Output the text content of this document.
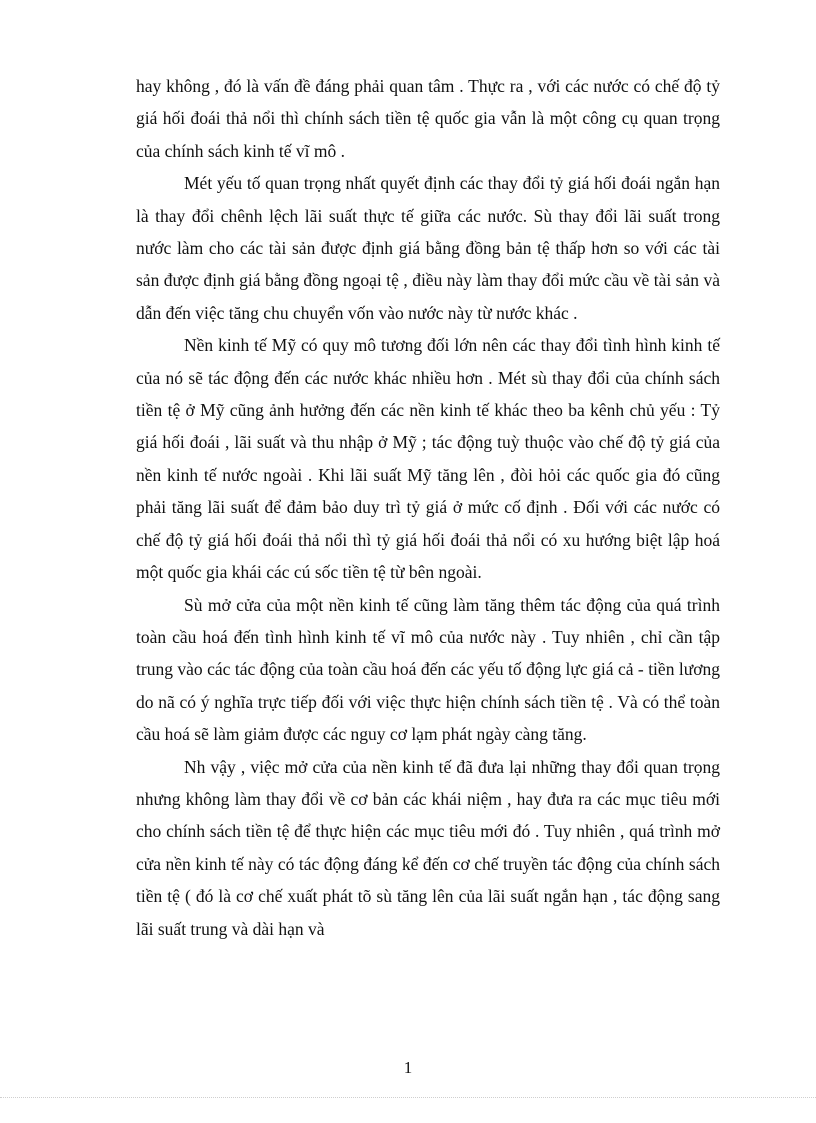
hay không , đó là vấn đề đáng phải quan tâm . Thực ra , với các nước có chế độ tỷ giá hối đoái thả nổi thì chính sách tiền tệ quốc gia vẫn là một công cụ quan trọng của chính sách kinh tế vĩ mô .

Mét yếu tố quan trọng nhất quyết định các thay đổi tỷ giá hối đoái ngắn hạn là thay đổi chênh lệch lãi suất thực tế giữa các nước. Sù thay đổi lãi suất trong nước làm cho các tài sản được định giá bằng đồng bản tệ thấp hơn so với các tài sản được định giá bằng đồng ngoại tệ , điều này làm thay đổi mức cầu về tài sản và dẫn đến việc tăng chu chuyển vốn vào nước này từ nước khác .

Nền kinh tế Mỹ có quy mô tương đối lớn nên các thay đổi tình hình kinh tế của nó sẽ tác động đến các nước khác nhiều hơn . Mét sù thay đổi của chính sách tiền tệ ở Mỹ cũng ảnh hưởng đến các nền kinh tế khác theo ba kênh chủ yếu : Tỷ giá hối đoái , lãi suất và thu nhập ở Mỹ ; tác động tuỳ thuộc vào chế độ tỷ giá của nền kinh tế nước ngoài . Khi lãi suất Mỹ tăng lên , đòi hỏi các quốc gia đó cũng phải tăng lãi suất để đảm bảo duy trì tỷ giá ở mức cố định . Đối với các nước có chế độ tỷ giá hối đoái thả nổi thì tỷ giá hối đoái thả nổi có xu hướng biệt lập hoá một quốc gia khái các cú sốc tiền tệ từ bên ngoài.

Sù mở cửa của một nền kinh tế cũng làm tăng thêm tác động của quá trình toàn cầu hoá đến tình hình kinh tế vĩ mô của nước này . Tuy nhiên , chỉ cần tập trung vào các tác động của toàn cầu hoá đến các yếu tố động lực giá cả - tiền lương do nã có ý nghĩa trực tiếp đối với việc thực hiện chính sách tiền tệ . Và có thể toàn cầu hoá sẽ làm giảm được các nguy cơ lạm phát ngày càng tăng.

Nh vậy , việc mở cửa của nền kinh tế đã đưa lại những thay đổi quan trọng nhưng không làm thay đổi về cơ bản các khái niệm , hay đưa ra các mục tiêu mới cho chính sách tiền tệ để thực hiện các mục tiêu mới đó . Tuy nhiên , quá trình mở cửa nền kinh tế này có tác động đáng kể đến cơ chế truyền tác động của chính sách tiền tệ ( đó là cơ chế xuất phát tõ sù tăng lên của lãi suất ngắn hạn , tác động sang lãi suất trung và dài hạn và

1
